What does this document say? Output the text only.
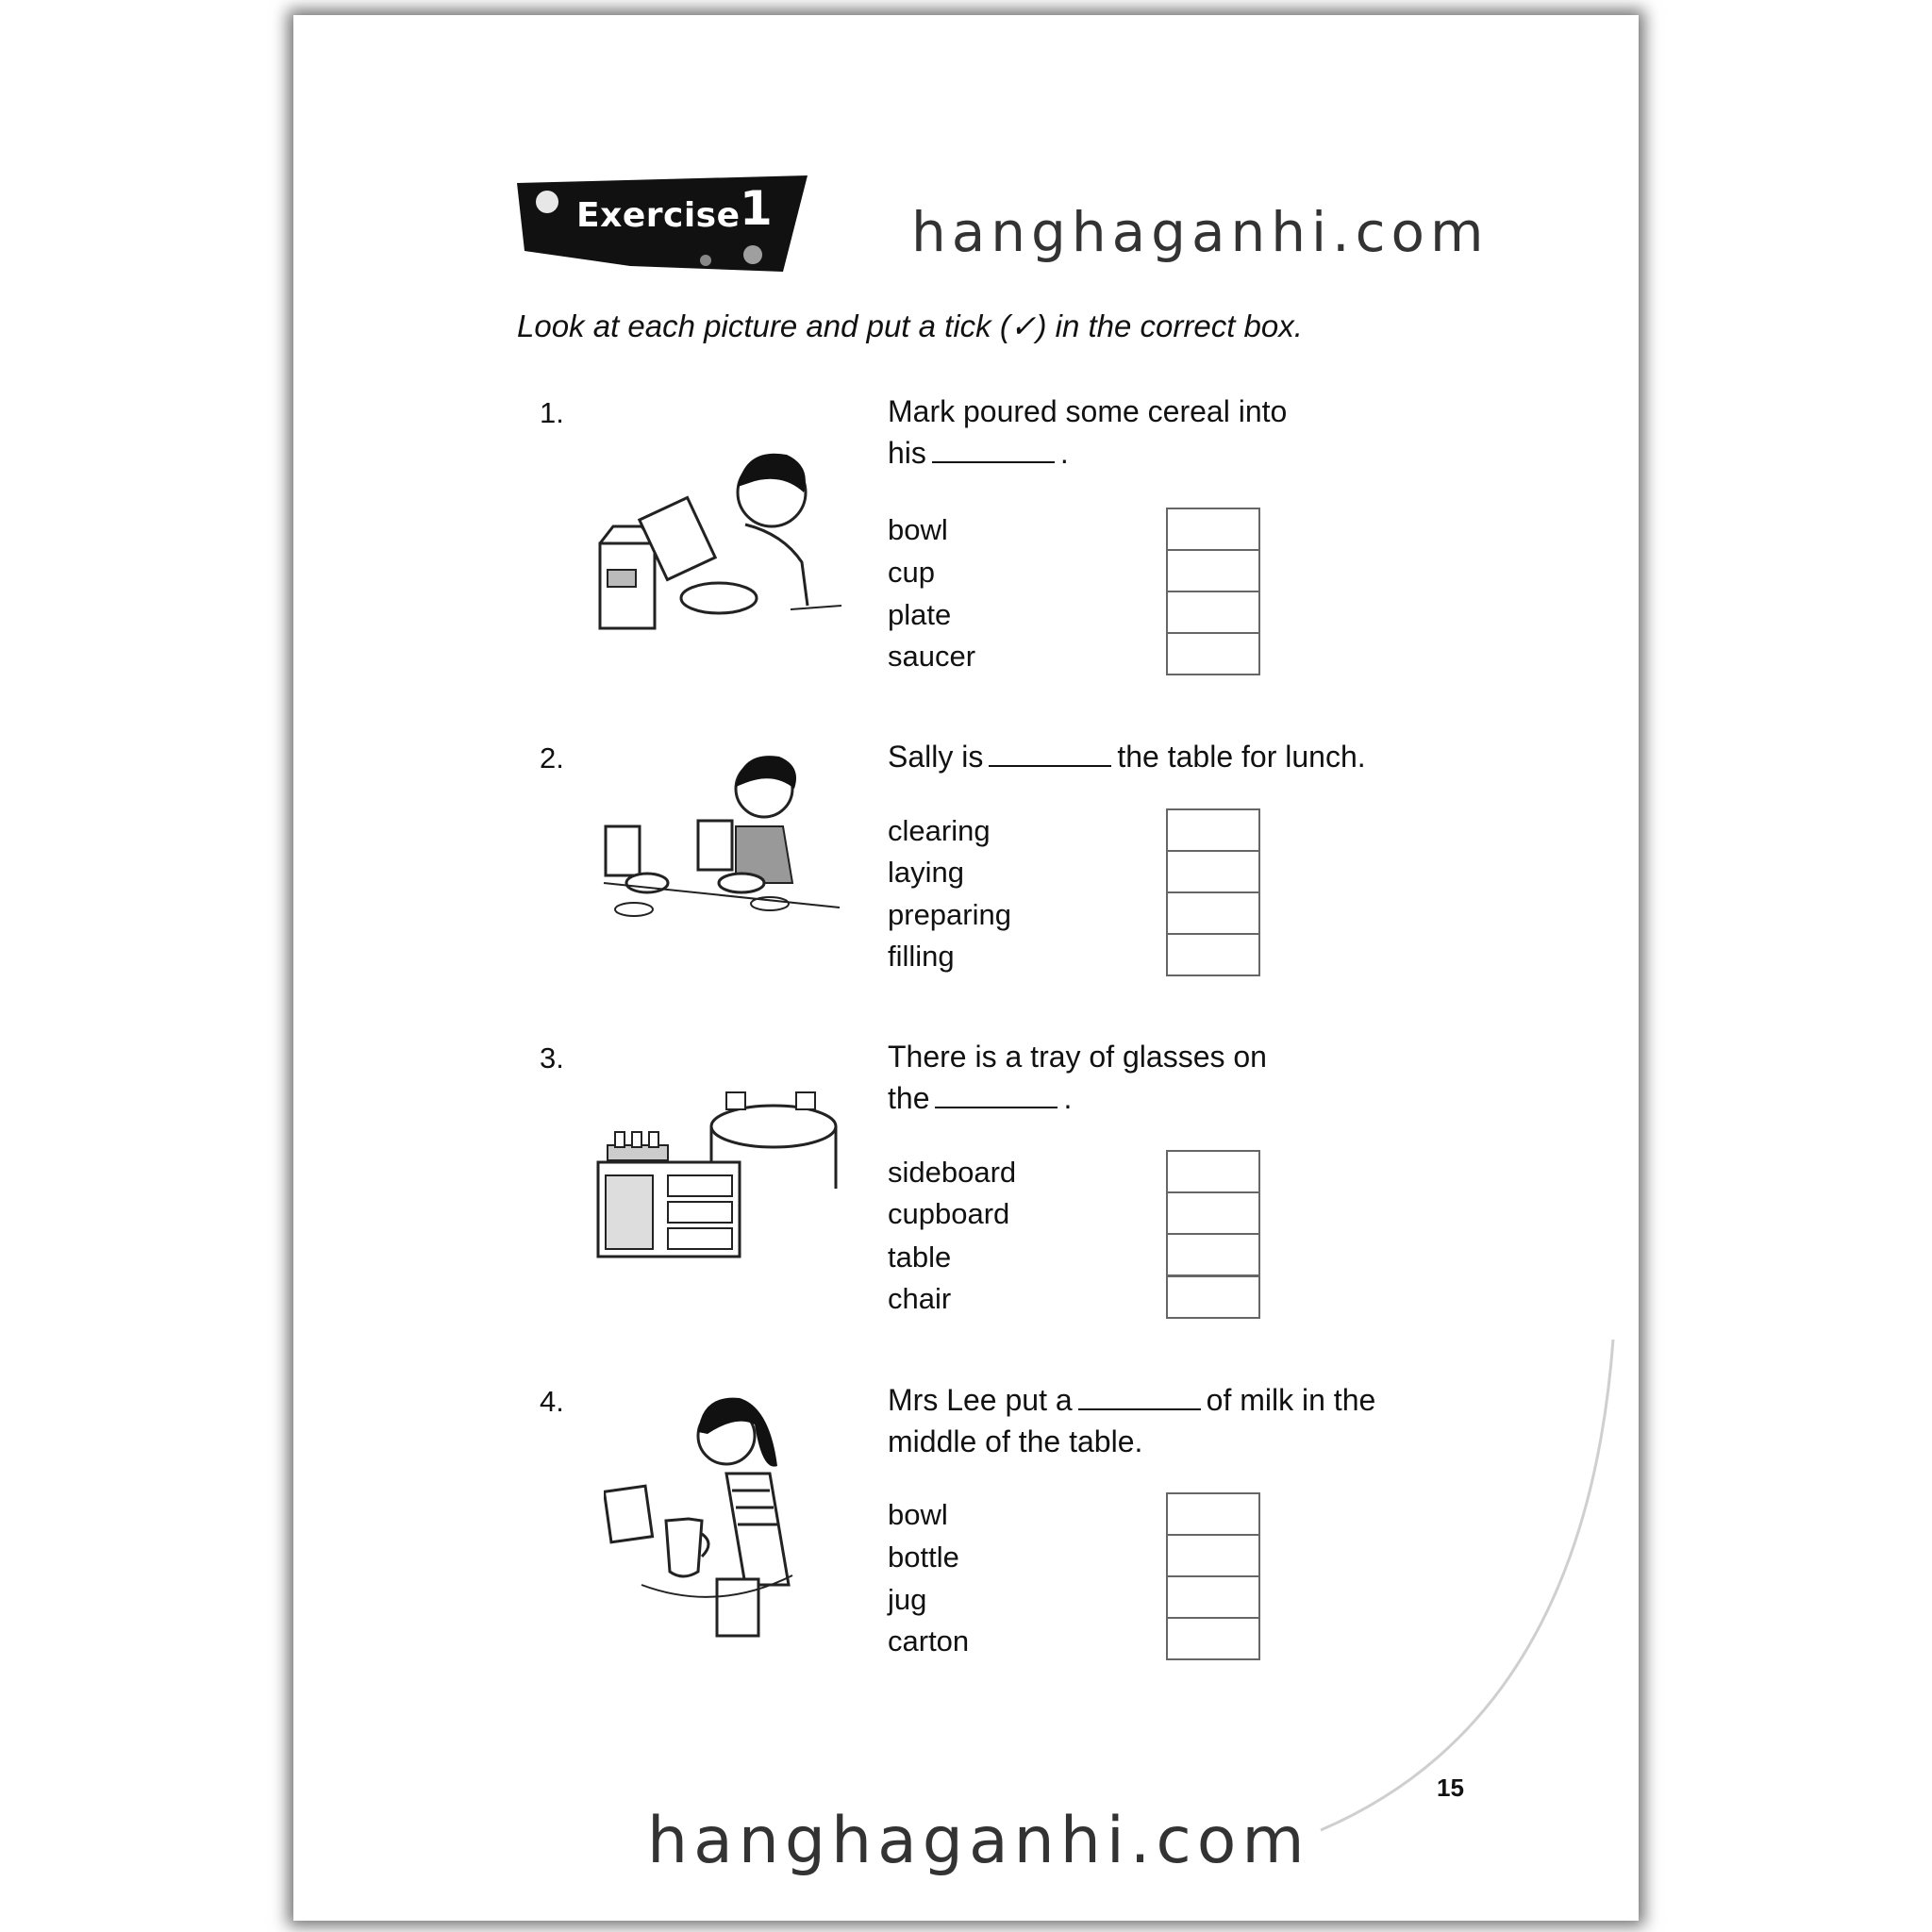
Exercise 1	hanghaganhi.com
Look at each picture and put a tick (✓) in the correct box.
1.	Mark poured some cereal into
his	.
bowl
cup
plate
saucer
2.	Sally is	the table for lunch.
clearing
laying
preparing
filling
3.	There is a tray of glasses on
the	.
sideboard
cupboard
table
chair
4.	Mrs Lee put a	of milk in the
middle of the table.
bowl
bottle
jug
carton
15
hanghaganhi.com
